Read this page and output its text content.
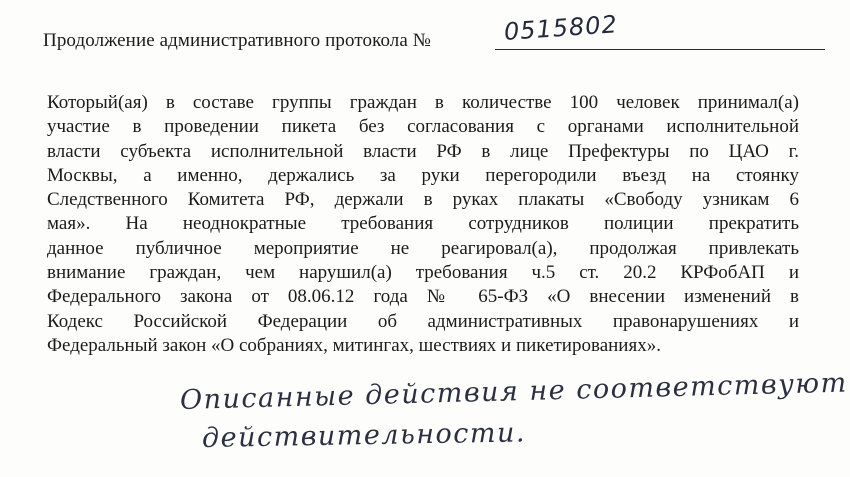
Продолжение административного протокола №	0515802
Который(ая) в составе группы граждан в количестве 100 человек принимал(а)
участие в проведении пикета без согласования с органами исполнительной
власти субъекта исполнительной власти РФ в лице Префектуры по ЦАО г.
Москвы, а именно, держались за руки перегородили въезд на стоянку
Следственного Комитета РФ, держали в руках плакаты «Свободу узникам 6
мая». На неоднократные требования сотрудников полиции прекратить
данное публичное мероприятие не реагировал(а), продолжая привлекать
внимание граждан, чем нарушил(а) требования ч.5 ст. 20.2 КРФобАП и
Федерального закона от 08.06.12 года № 65-ФЗ «О внесении изменений в
Кодекс Российской Федерации об административных правонарушениях и
Федеральный закон «О собраниях, митингах, шествиях и пикетированиях».
Описанные действия не соответствуют
действительности.
